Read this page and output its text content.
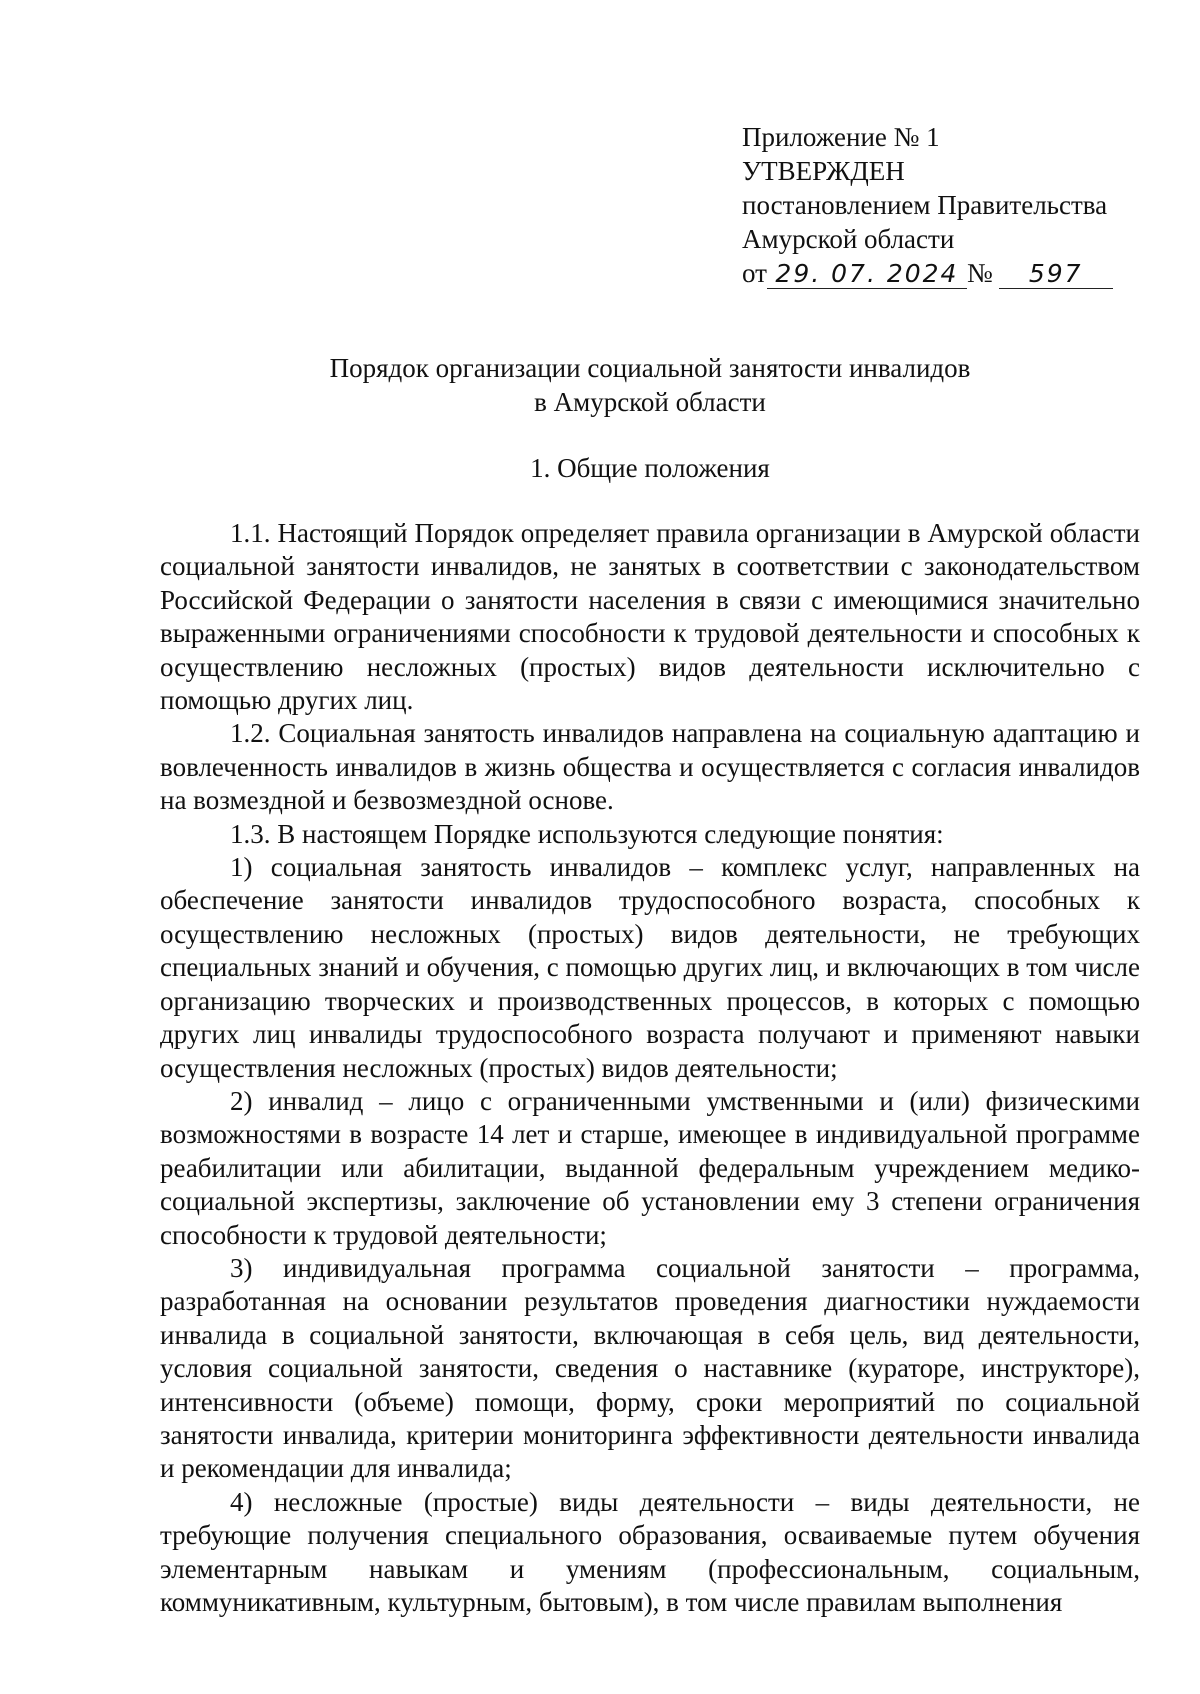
Приложение № 1
УТВЕРЖДЕН
постановлением Правительства
Амурской области
от 29. 07. 2024 № 597
Порядок организации социальной занятости инвалидов
в Амурской области
1. Общие положения

1.1. Настоящий Порядок определяет правила организации в Амурской области социальной занятости инвалидов, не занятых в соответствии с законодательством Российской Федерации о занятости населения в связи с имеющимися значительно выраженными ограничениями способности к трудовой деятельности и способных к осуществлению несложных (простых) видов деятельности исключительно с помощью других лиц.

1.2. Социальная занятость инвалидов направлена на социальную адаптацию и вовлеченность инвалидов в жизнь общества и осуществляется с согласия инвалидов на возмездной и безвозмездной основе.

1.3. В настоящем Порядке используются следующие понятия:

1) социальная занятость инвалидов – комплекс услуг, направленных на обеспечение занятости инвалидов трудоспособного возраста, способных к осуществлению несложных (простых) видов деятельности, не требующих специальных знаний и обучения, с помощью других лиц, и включающих в том числе организацию творческих и производственных процессов, в которых с помощью других лиц инвалиды трудоспособного возраста получают и применяют навыки осуществления несложных (простых) видов деятельности;

2) инвалид – лицо с ограниченными умственными и (или) физическими возможностями в возрасте 14 лет и старше, имеющее в индивидуальной программе реабилитации или абилитации, выданной федеральным учреждением медико-социальной экспертизы, заключение об установлении ему 3 степени ограничения способности к трудовой деятельности;

3) индивидуальная программа социальной занятости – программа, разработанная на основании результатов проведения диагностики нуждаемости инвалида в социальной занятости, включающая в себя цель, вид деятельности, условия социальной занятости, сведения о наставнике (кураторе, инструкторе), интенсивности (объеме) помощи, форму, сроки мероприятий по социальной занятости инвалида, критерии мониторинга эффективности деятельности инвалида и рекомендации для инвалида;

4) несложные (простые) виды деятельности – виды деятельности, не требующие получения специального образования, осваиваемые путем обучения элементарным навыкам и умениям (профессиональным, социальным, коммуникативным, культурным, бытовым), в том числе правилам выполнения
